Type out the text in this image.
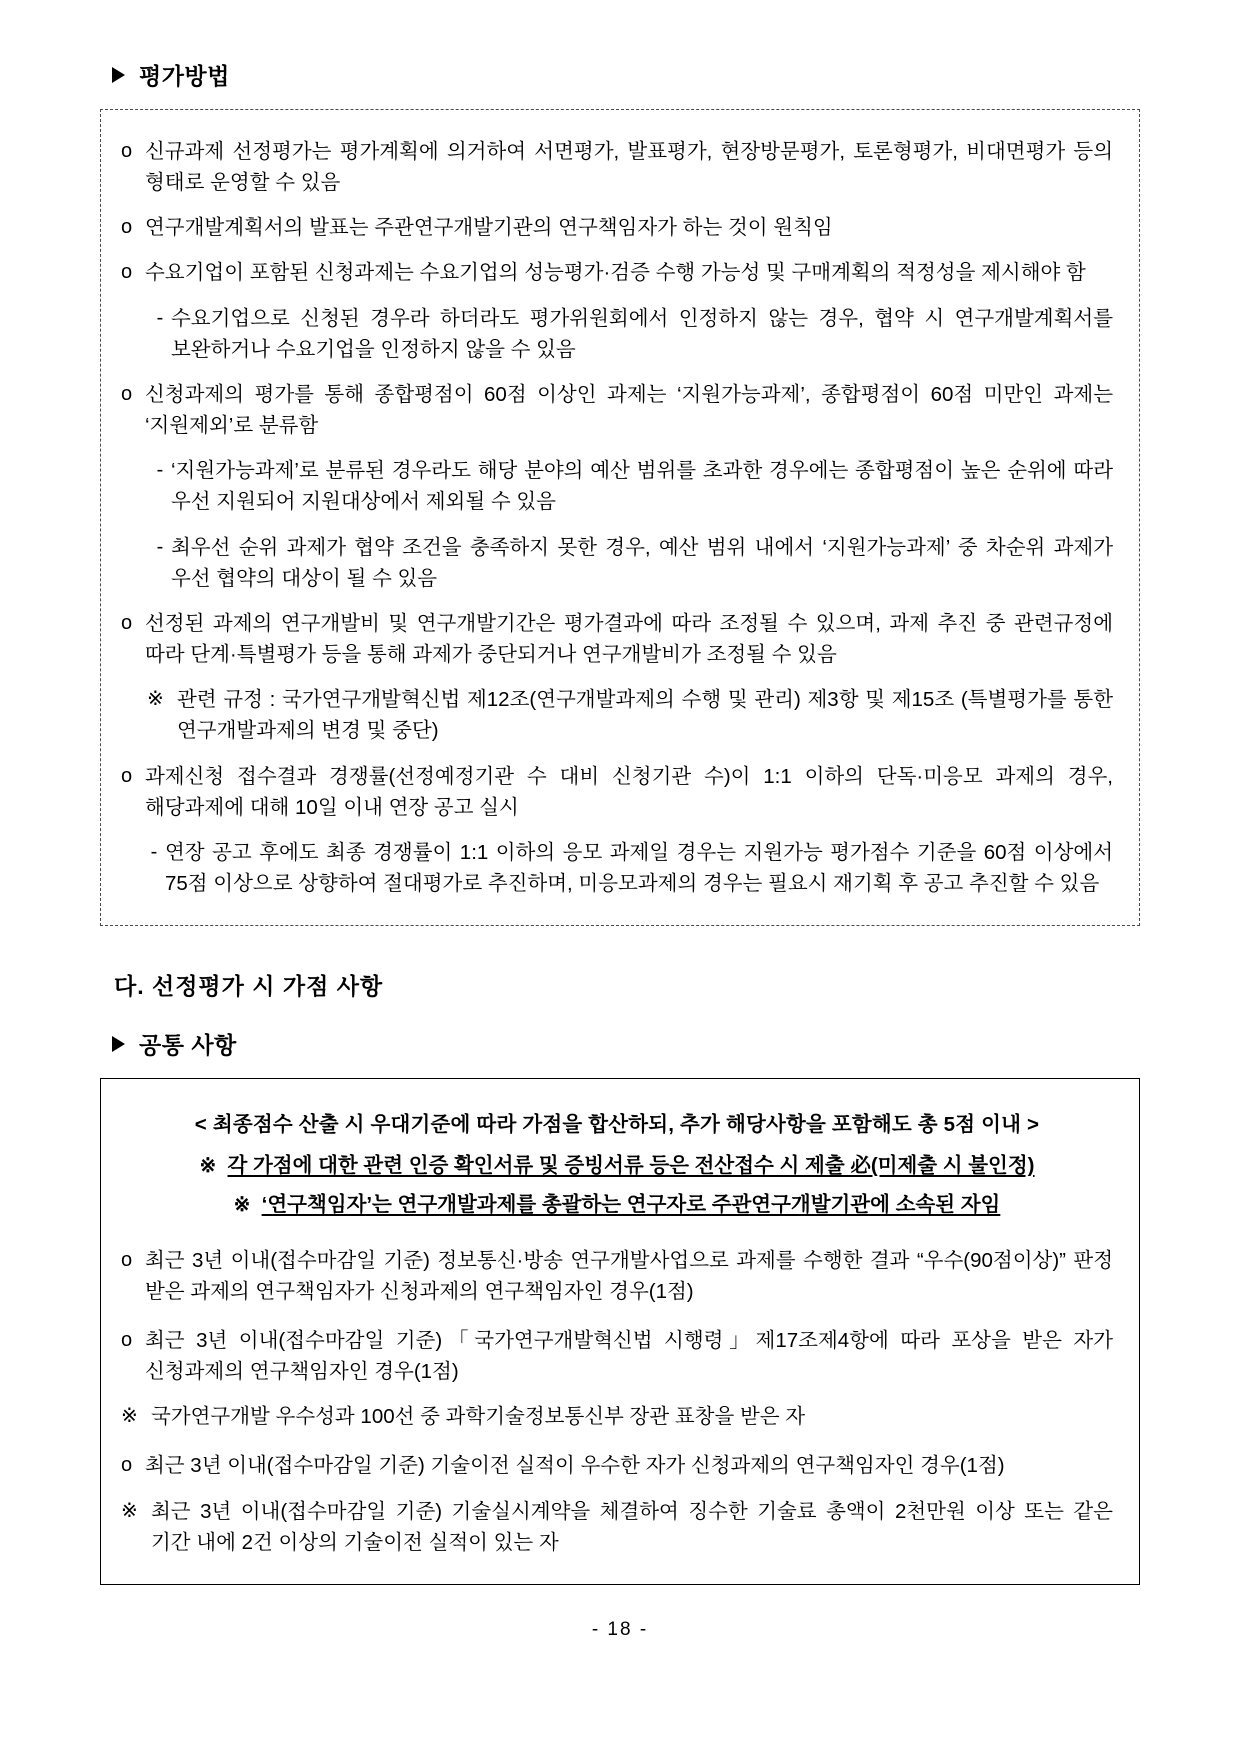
평가방법
o 신규과제 선정평가는 평가계획에 의거하여 서면평가, 발표평가, 현장방문평가, 토론형평가, 비대면평가 등의 형태로 운영할 수 있음
o 연구개발계획서의 발표는 주관연구개발기관의 연구책임자가 하는 것이 원칙임
o 수요기업이 포함된 신청과제는 수요기업의 성능평가·검증 수행 가능성 및 구매계획의 적정성을 제시해야 함
- 수요기업으로 신청된 경우라 하더라도 평가위원회에서 인정하지 않는 경우, 협약 시 연구개발계획서를 보완하거나 수요기업을 인정하지 않을 수 있음
o 신청과제의 평가를 통해 종합평점이 60점 이상인 과제는 ‘지원가능과제’, 종합평점이 60점 미만인 과제는 ‘지원제외’로 분류함
- ‘지원가능과제’로 분류된 경우라도 해당 분야의 예산 범위를 초과한 경우에는 종합평점이 높은 순위에 따라 우선 지원되어 지원대상에서 제외될 수 있음
- 최우선 순위 과제가 협약 조건을 충족하지 못한 경우, 예산 범위 내에서 ‘지원가능과제’ 중 차순위 과제가 우선 협약의 대상이 될 수 있음
o 선정된 과제의 연구개발비 및 연구개발기간은 평가결과에 따라 조정될 수 있으며, 과제 추진 중 관련규정에 따라 단계·특별평가 등을 통해 과제가 중단되거나 연구개발비가 조정될 수 있음
※ 관련 규정 : 국가연구개발혁신법 제12조(연구개발과제의 수행 및 관리) 제3항 및 제15조 (특별평가를 통한 연구개발과제의 변경 및 중단)
o 과제신청 접수결과 경쟁률(선정예정기관 수 대비 신청기관 수)이 1:1 이하의 단독·미응모 과제의 경우, 해당과제에 대해 10일 이내 연장 공고 실시
- 연장 공고 후에도 최종 경쟁률이 1:1 이하의 응모 과제일 경우는 지원가능 평가점수 기준을 60점 이상에서 75점 이상으로 상향하여 절대평가로 추진하며, 미응모과제의 경우는 필요시 재기획 후 공고 추진할 수 있음
다. 선정평가 시 가점 사항
공통 사항
< 최종점수 산출 시 우대기준에 따라 가점을 합산하되, 추가 해당사항을 포함해도 총 5점 이내 >
※ 각 가점에 대한 관련 인증 확인서류 및 증빙서류 등은 전산접수 시 제출 必(미제출 시 불인정)
※ ‘연구책임자’는 연구개발과제를 총괄하는 연구자로 주관연구개발기관에 소속된 자임
o 최근 3년 이내(접수마감일 기준) 정보통신·방송 연구개발사업으로 과제를 수행한 결과 “우수(90점이상)” 판정 받은 과제의 연구책임자가 신청과제의 연구책임자인 경우(1점)
o 최근 3년 이내(접수마감일 기준)「국가연구개발혁신법 시행령」제17조제4항에 따라 포상을 받은 자가 신청과제의 연구책임자인 경우(1점)
※ 국가연구개발 우수성과 100선 중 과학기술정보통신부 장관 표창을 받은 자
o 최근 3년 이내(접수마감일 기준) 기술이전 실적이 우수한 자가 신청과제의 연구책임자인 경우(1점)
※ 최근 3년 이내(접수마감일 기준) 기술실시계약을 체결하여 징수한 기술료 총액이 2천만원 이상 또는 같은 기간 내에 2건 이상의 기술이전 실적이 있는 자
- 18 -
